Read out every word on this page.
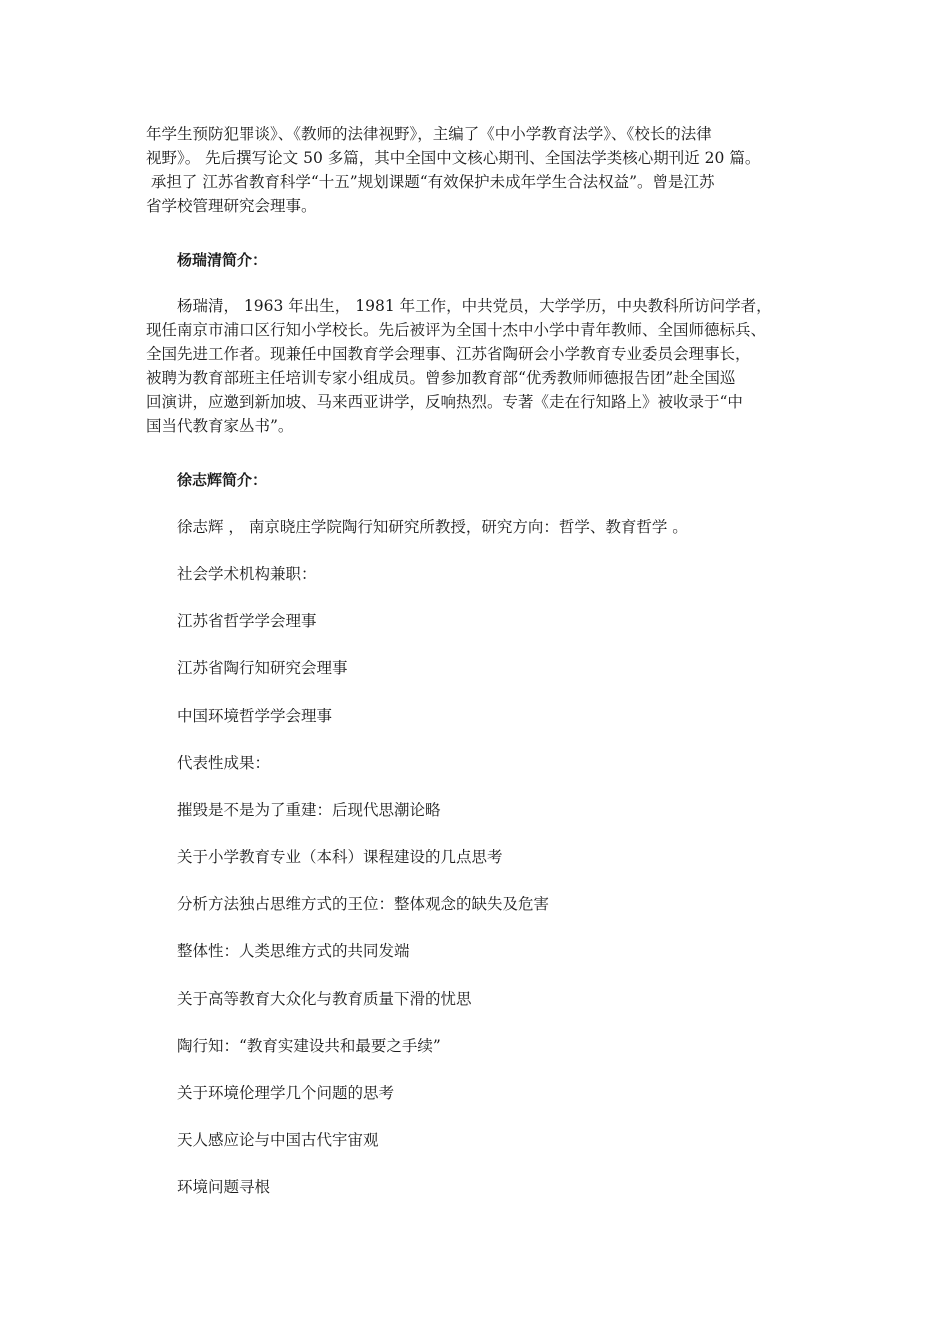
年学生预防犯罪谈》、《教师的法律视野》，主编了《中小学教育法学》、《校长的法律
视野》。 先后撰写论文 50 多篇，其中全国中文核心期刊、全国法学类核心期刊近 20 篇。
承担了 江苏省教育科学“十五”规划课题“有效保护未成年学生合法权益”。曾是江苏
省学校管理研究会理事。

杨瑞清简介：

杨瑞清， 1963 年出生， 1981 年工作，中共党员，大学学历，中央教科所访问学者，
现任南京市浦口区行知小学校长。先后被评为全国十杰中小学中青年教师、全国师德标兵、
全国先进工作者。现兼任中国教育学会理事、江苏省陶研会小学教育专业委员会理事长，
被聘为教育部班主任培训专家小组成员。曾参加教育部“优秀教师师德报告团”赴全国巡
回演讲，应邀到新加坡、马来西亚讲学，反响热烈。专著《走在行知路上》被收录于“中
国当代教育家丛书”。

徐志辉简介：

徐志辉 ， 南京晓庄学院陶行知研究所教授，研究方向：哲学、教育哲学 。

社会学术机构兼职：

江苏省哲学学会理事

江苏省陶行知研究会理事

中国环境哲学学会理事

代表性成果：

摧毁是不是为了重建：后现代思潮论略

关于小学教育专业（本科）课程建设的几点思考

分析方法独占思维方式的王位：整体观念的缺失及危害

整体性：人类思维方式的共同发端

关于高等教育大众化与教育质量下滑的忧思

陶行知：“教育实建设共和最要之手续”

关于环境伦理学几个问题的思考

天人感应论与中国古代宇宙观

环境问题寻根
